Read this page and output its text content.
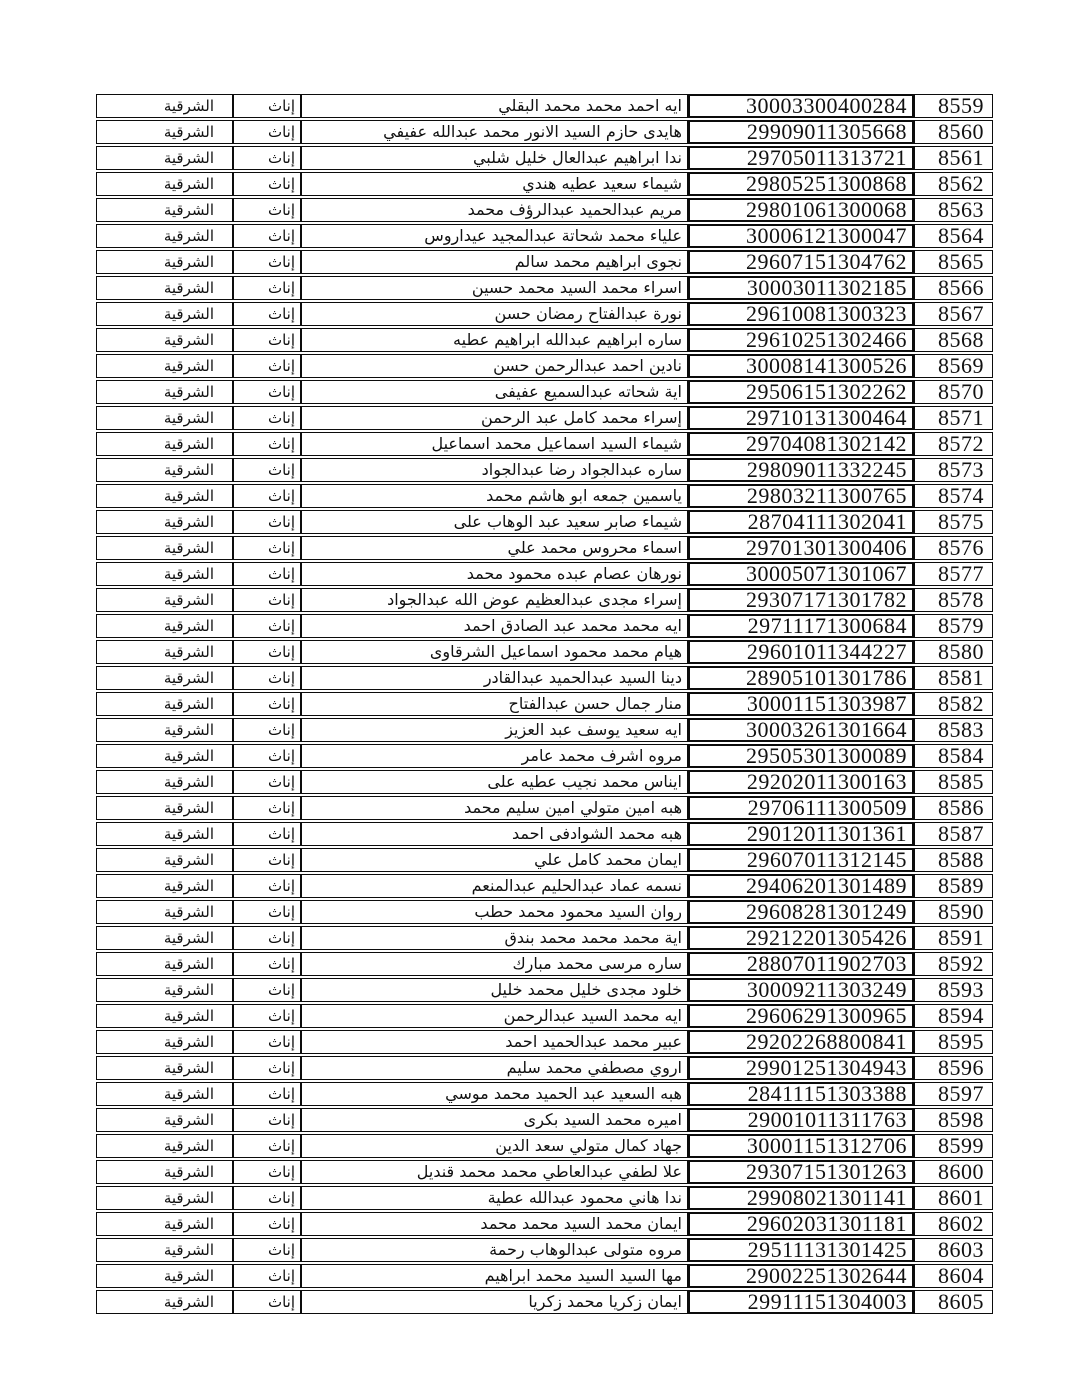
الشرقية	إناث	ايه احمد محمد محمد البقلي	30003300400284	8559
الشرقية	إناث	هايدى حازم السيد الانور محمد عبدالله عفيفي	29909011305668	8560
الشرقية	إناث	ندا ابراهيم عبدالعال خليل شلبي	29705011313721	8561
الشرقية	إناث	شيماء سعيد عطيه هندي	29805251300868	8562
الشرقية	إناث	مريم عبدالحميد عبدالرؤف محمد	29801061300068	8563
الشرقية	إناث	علياء محمد شحاتة عبدالمجيد عيداروس	30006121300047	8564
الشرقية	إناث	نجوى ابراهيم محمد سالم	29607151304762	8565
الشرقية	إناث	اسراء محمد السيد محمد حسين	30003011302185	8566
الشرقية	إناث	نورة عبدالفتاح رمضان حسن	29610081300323	8567
الشرقية	إناث	ساره ابراهيم عبدالله ابراهيم عطيه	29610251302466	8568
الشرقية	إناث	نادين احمد عبدالرحمن حسن	30008141300526	8569
الشرقية	إناث	اية شحاته عبدالسميع عفيفى	29506151302262	8570
الشرقية	إناث	إسراء محمد كامل عبد الرحمن	29710131300464	8571
الشرقية	إناث	شيماء السيد اسماعيل محمد اسماعيل	29704081302142	8572
الشرقية	إناث	ساره عبدالجواد رضا عبدالجواد	29809011332245	8573
الشرقية	إناث	ياسمين جمعه ابو هاشم محمد	29803211300765	8574
الشرقية	إناث	شيماء صابر سعيد عبد الوهاب على	28704111302041	8575
الشرقية	إناث	اسماء محروس محمد علي	29701301300406	8576
الشرقية	إناث	نورهان عصام عبده محمود محمد	30005071301067	8577
الشرقية	إناث	إسراء مجدى عبدالعظيم عوض الله عبدالجواد	29307171301782	8578
الشرقية	إناث	ايه محمد محمد عبد الصادق احمد	29711171300684	8579
الشرقية	إناث	هيام محمد محمود اسماعيل الشرقاوى	29601011344227	8580
الشرقية	إناث	دينا السيد عبدالحميد عبدالقادر	28905101301786	8581
الشرقية	إناث	منار جمال حسن عبدالفتاح	30001151303987	8582
الشرقية	إناث	ايه سعيد يوسف عبد العزيز	30003261301664	8583
الشرقية	إناث	مروه اشرف محمد عامر	29505301300089	8584
الشرقية	إناث	ايناس محمد نجيب عطيه على	29202011300163	8585
الشرقية	إناث	هبه امين متولي امين سليم محمد	29706111300509	8586
الشرقية	إناث	هبه محمد الشوادفى احمد	29012011301361	8587
الشرقية	إناث	ايمان محمد كامل علي	29607011312145	8588
الشرقية	إناث	نسمه عماد عبدالحليم عبدالمنعم	29406201301489	8589
الشرقية	إناث	روان السيد محمود محمد حطب	29608281301249	8590
الشرقية	إناث	اية محمد محمد محمد بندق	29212201305426	8591
الشرقية	إناث	ساره مرسى محمد مبارك	28807011902703	8592
الشرقية	إناث	خلود مجدى خليل محمد خليل	30009211303249	8593
الشرقية	إناث	ايه محمد السيد عبدالرحمن	29606291300965	8594
الشرقية	إناث	عبير محمد عبدالحميد احمد	29202268800841	8595
الشرقية	إناث	اروي مصطفي محمد سليم	29901251304943	8596
الشرقية	إناث	هبه السعيد عبد الحميد محمد موسي	28411151303388	8597
الشرقية	إناث	اميره محمد السيد بكرى	29001011311763	8598
الشرقية	إناث	جهاد كمال متولي سعد الدين	30001151312706	8599
الشرقية	إناث	علا لطفي عبدالعاطي محمد محمد قنديل	29307151301263	8600
الشرقية	إناث	ندا هاني محمود عبدالله عطية	29908021301141	8601
الشرقية	إناث	ايمان محمد السيد محمد محمد	29602031301181	8602
الشرقية	إناث	مروه متولى عبدالوهاب رحمة	29511131301425	8603
الشرقية	إناث	مها السيد السيد محمد ابراهيم	29002251302644	8604
الشرقية	إناث	ايمان زكريا محمد زكريا	29911151304003	8605
